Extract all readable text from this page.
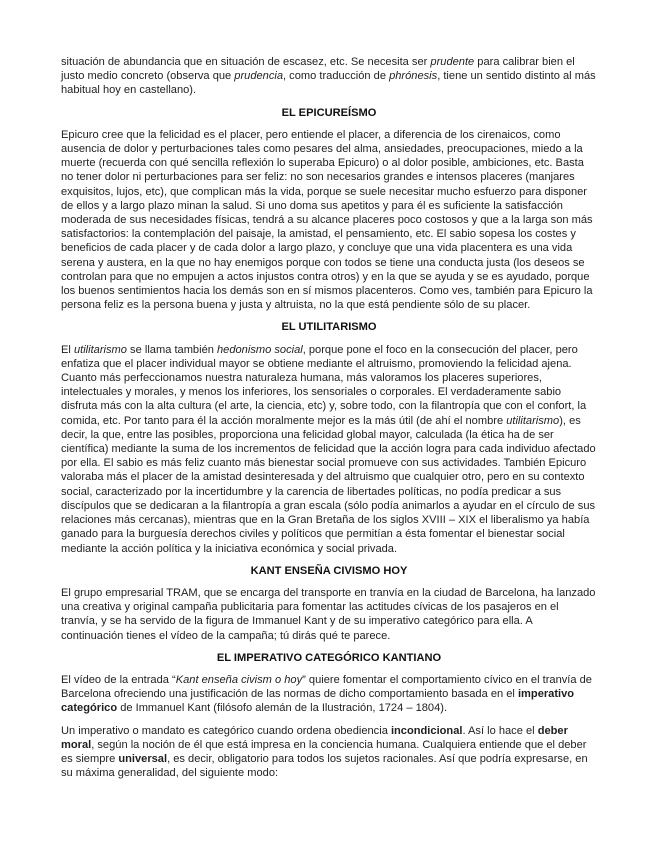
situación de abundancia que en situación de escasez, etc. Se necesita ser prudente para calibrar bien el justo medio concreto (observa que prudencia, como traducción de phrónesis, tiene un sentido distinto al más habitual hoy en castellano).

EL EPICUREÍSMO

Epicuro cree que la felicidad es el placer, pero entiende el placer, a diferencia de los cirenaicos, como ausencia de dolor y perturbaciones tales como pesares del alma, ansiedades, preocupaciones, miedo a la muerte (recuerda con qué sencilla reflexión lo superaba Epicuro) o al dolor posible, ambiciones, etc. Basta no tener dolor ni perturbaciones para ser feliz: no son necesarios grandes e intensos placeres (manjares exquisitos, lujos, etc), que complican más la vida, porque se suele necesitar mucho esfuerzo para disponer de ellos y a largo plazo minan la salud. Si uno doma sus apetitos y para él es suficiente la satisfacción moderada de sus necesidades físicas, tendrá a su alcance placeres poco costosos y que a la larga son más satisfactorios: la contemplación del paisaje, la amistad, el pensamiento, etc. El sabio sopesa los costes y beneficios de cada placer y de cada dolor a largo plazo, y concluye que una vida placentera es una vida serena y austera, en la que no hay enemigos porque con todos se tiene una conducta justa (los deseos se controlan para que no empujen a actos injustos contra otros) y en la que se ayuda y se es ayudado, porque los buenos sentimientos hacia los demás son en sí mismos placenteros. Como ves, también para Epicuro la persona feliz es la persona buena y justa y altruista, no la que está pendiente sólo de su placer.

EL UTILITARISMO

El utilitarismo se llama también hedonismo social, porque pone el foco en la consecución del placer, pero enfatiza que el placer individual mayor se obtiene mediante el altruismo, promoviendo la felicidad ajena. Cuanto más perfeccionamos nuestra naturaleza humana, más valoramos los placeres superiores, intelectuales y morales, y menos los inferiores, los sensoriales o corporales. El verdaderamente sabio disfruta más con la alta cultura (el arte, la ciencia, etc) y, sobre todo, con la filantropía que con el confort, la comida, etc. Por tanto para él la acción moralmente mejor es la más útil (de ahí el nombre utilitarismo), es decir, la que, entre las posibles, proporciona una felicidad global mayor, calculada (la ética ha de ser científica) mediante la suma de los incrementos de felicidad que la acción logra para cada individuo afectado por ella. El sabio es más feliz cuanto más bienestar social promueve con sus actividades. También Epicuro valoraba más el placer de la amistad desinteresada y del altruismo que cualquier otro, pero en su contexto social, caracterizado por la incertidumbre y la carencia de libertades políticas, no podía predicar a sus discípulos que se dedicaran a la filantropía a gran escala (sólo podía animarlos a ayudar en el círculo de sus relaciones más cercanas), mientras que en la Gran Bretaña de los siglos XVIII – XIX el liberalismo ya había ganado para la burguesía derechos civiles y políticos que permitían a ésta fomentar el bienestar social mediante la acción política y la iniciativa económica y social privada.

KANT ENSEÑA CIVISMO HOY

El grupo empresarial TRAM, que se encarga del transporte en tranvía en la ciudad de Barcelona, ha lanzado una creativa y original campaña publicitaria para fomentar las actitudes cívicas de los pasajeros en el tranvía, y se ha servido de la figura de Immanuel Kant y de su imperativo categórico para ella. A continuación tienes el vídeo de la campaña; tú dirás qué te parece.

EL IMPERATIVO CATEGÓRICO KANTIANO

El vídeo de la entrada “Kant enseña civism o hoy” quiere fomentar el comportamiento cívico en el tranvía de Barcelona ofreciendo una justificación de las normas de dicho comportamiento basada en el imperativo categórico de Immanuel Kant (filósofo alemán de la Ilustración, 1724 – 1804).

Un imperativo o mandato es categórico cuando ordena obediencia incondicional. Así lo hace el deber moral, según la noción de él que está impresa en la conciencia humana. Cualquiera entiende que el deber es siempre universal, es decir, obligatorio para todos los sujetos racionales. Así que podría expresarse, en su máxima generalidad, del siguiente modo:
